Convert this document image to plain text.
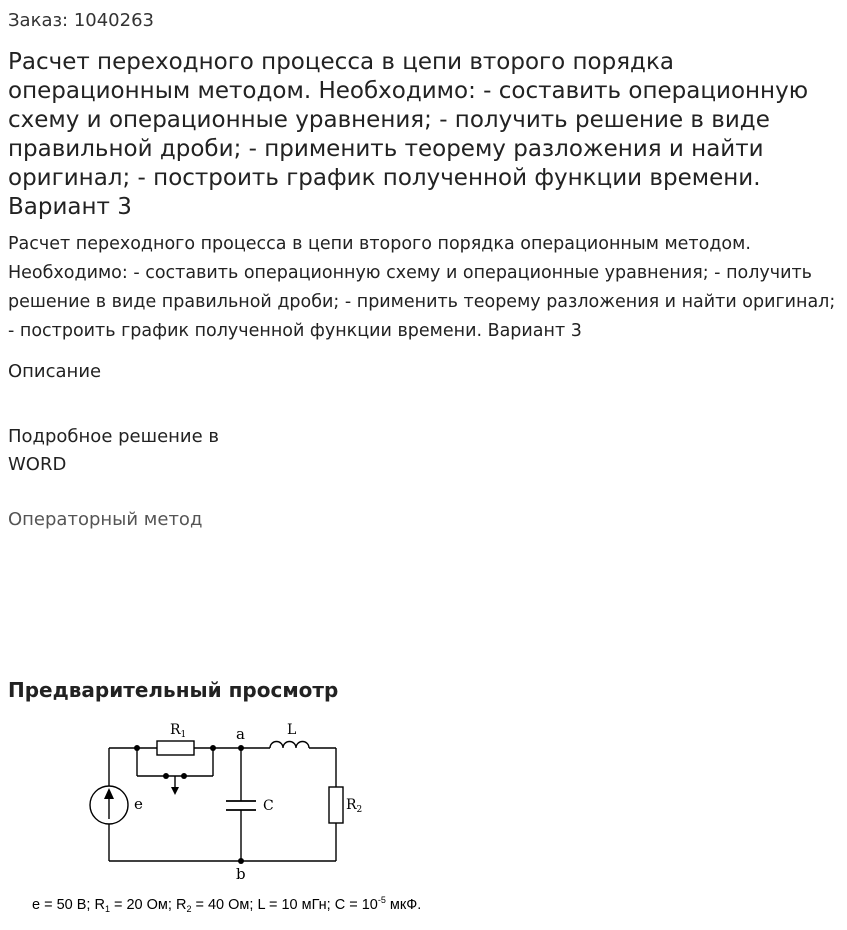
Заказ: 1040263
Расчет переходного процесса в цепи второго порядка операционным методом. Необходимо: - составить операционную схему и операционные уравнения; - получить решение в виде правильной дроби; - применить теорему разложения и найти оригинал; - построить график полученной функции времени. Вариант 3
Расчет переходного процесса в цепи второго порядка операционным методом. Необходимо: - составить операционную схему и операционные уравнения; - получить решение в виде правильной дроби; - применить теорему разложения и найти оригинал; - построить график полученной функции времени. Вариант 3
Описание
Подробное решение в WORD
Операторный метод
Предварительный просмотр
$R_1$	a	L
e	C	$R_2$
b
e = 50 В; $R_1 = 20$ Ом; $R_2 = 40$ Ом; L = 10 мГн; $C = 10^{-5}$ мкФ.
